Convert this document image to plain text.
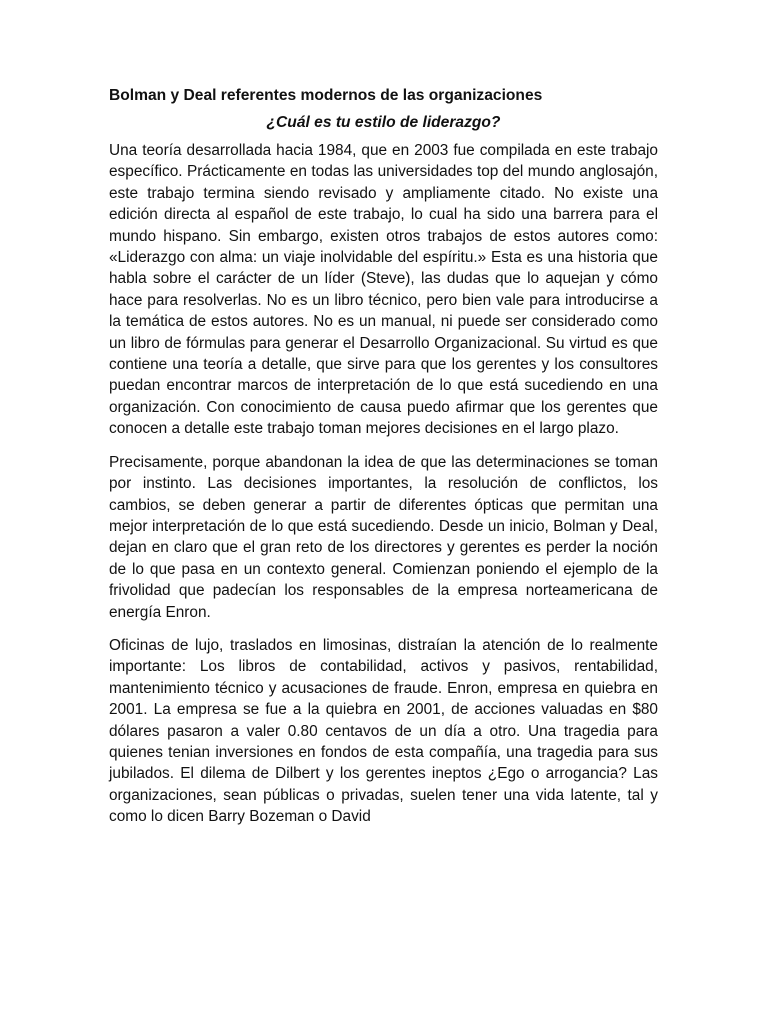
Bolman y Deal referentes modernos de las organizaciones
¿Cuál es tu estilo de liderazgo?

Una teoría desarrollada hacia 1984, que en 2003 fue compilada en este trabajo específico. Prácticamente en todas las universidades top del mundo anglosajón, este trabajo termina siendo revisado y ampliamente citado. No existe una edición directa al español de este trabajo, lo cual ha sido una barrera para el mundo hispano. Sin embargo, existen otros trabajos de estos autores como: «Liderazgo con alma: un viaje inolvidable del espíritu.» Esta es una historia que habla sobre el carácter de un líder (Steve), las dudas que lo aquejan y cómo hace para resolverlas. No es un libro técnico, pero bien vale para introducirse a la temática de estos autores. No es un manual, ni puede ser considerado como un libro de fórmulas para generar el Desarrollo Organizacional. Su virtud es que contiene una teoría a detalle, que sirve para que los gerentes y los consultores puedan encontrar marcos de interpretación de lo que está sucediendo en una organización. Con conocimiento de causa puedo afirmar que los gerentes que conocen a detalle este trabajo toman mejores decisiones en el largo plazo.

Precisamente, porque abandonan la idea de que las determinaciones se toman por instinto. Las decisiones importantes, la resolución de conflictos, los cambios, se deben generar a partir de diferentes ópticas que permitan una mejor interpretación de lo que está sucediendo. Desde un inicio, Bolman y Deal, dejan en claro que el gran reto de los directores y gerentes es perder la noción de lo que pasa en un contexto general. Comienzan poniendo el ejemplo de la frivolidad que padecían los responsables de la empresa norteamericana de energía Enron.

Oficinas de lujo, traslados en limosinas, distraían la atención de lo realmente importante: Los libros de contabilidad, activos y pasivos, rentabilidad, mantenimiento técnico y acusaciones de fraude. Enron, empresa en quiebra en 2001. La empresa se fue a la quiebra en 2001, de acciones valuadas en $80 dólares pasaron a valer 0.80 centavos de un día a otro. Una tragedia para quienes tenian inversiones en fondos de esta compañía, una tragedia para sus jubilados. El dilema de Dilbert y los gerentes ineptos ¿Ego o arrogancia? Las organizaciones, sean públicas o privadas, suelen tener una vida latente, tal y como lo dicen Barry Bozeman o David
